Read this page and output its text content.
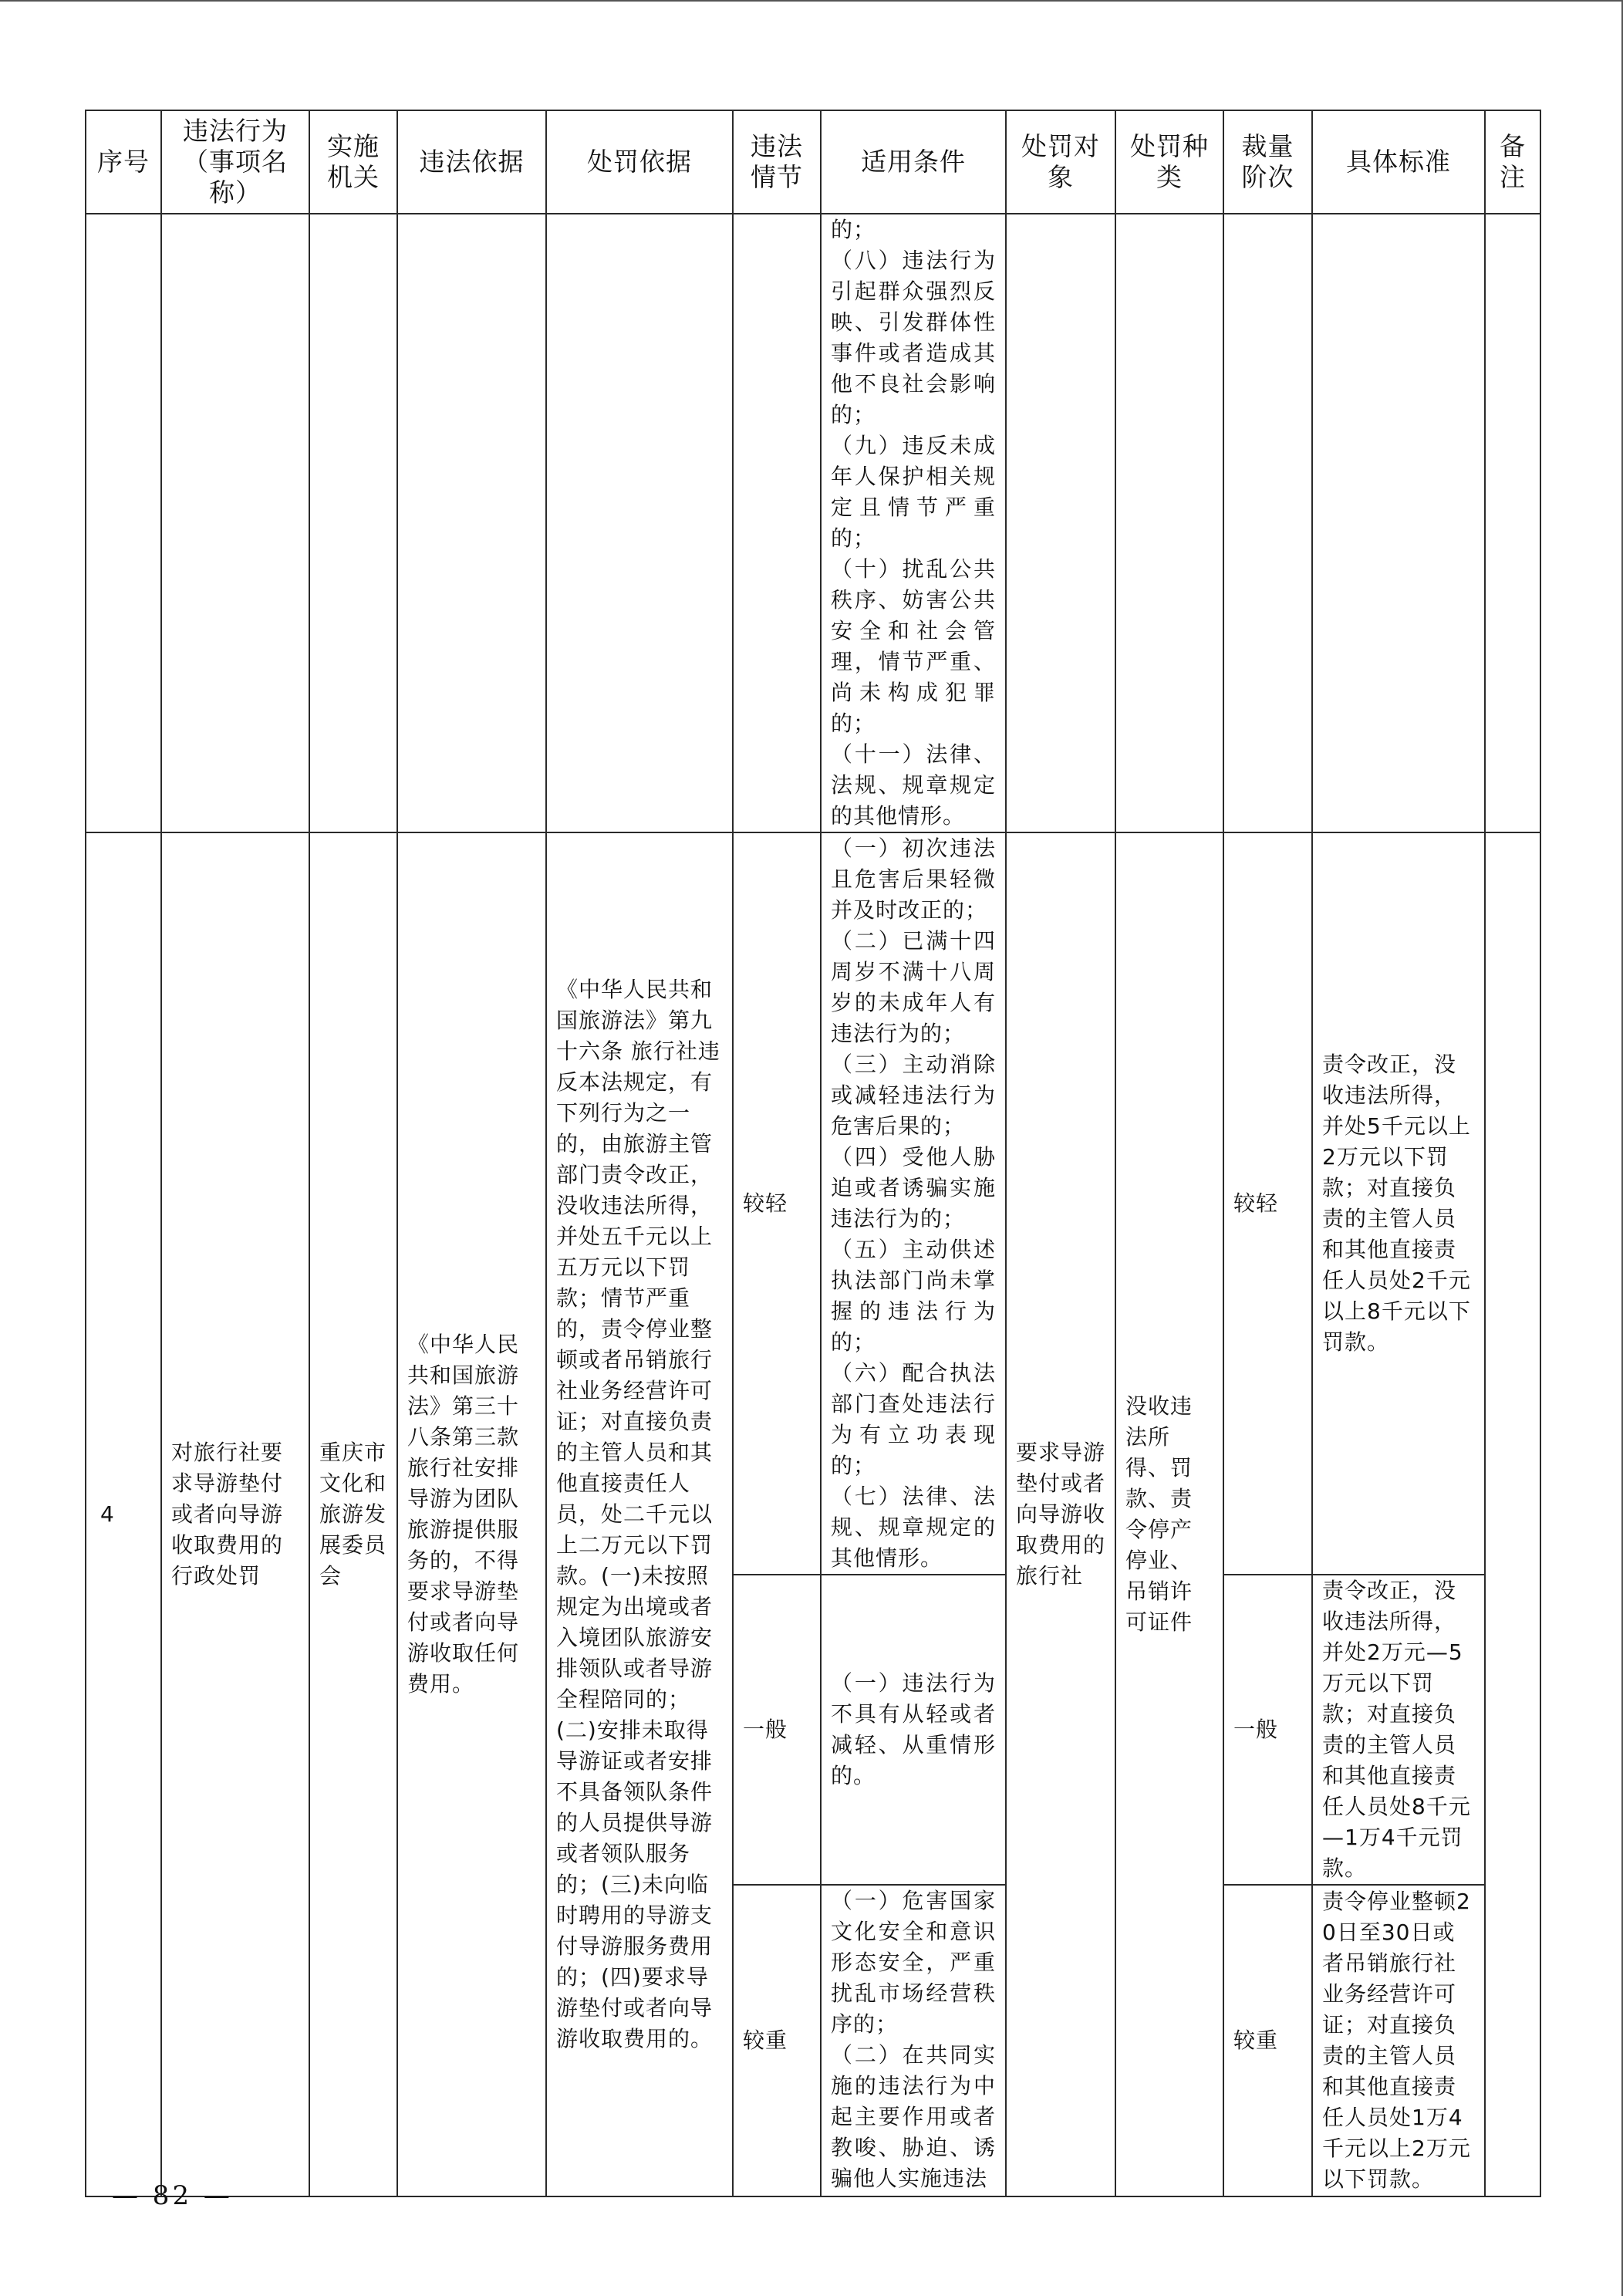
序号	违法行为（事项名称）	实施机关	违法依据	处罚依据	违法情节	适用条件	处罚对象	处罚种类	裁量阶次	具体标准	备注

						的；
（八）违法行为引起群众强烈反映、引发群体性事件或者造成其他不良社会影响的；
（九）违反未成年人保护相关规定且情节严重的；
（十）扰乱公共秩序、妨害公共安全和社会管理，情节严重、尚未构成犯罪的；
（十一）法律、法规、规章规定的其他情形。					

4	对旅行社要求导游垫付或者向导游收取费用的行政处罚	重庆市文化和旅游发展委员会	《中华人民共和国旅游法》第三十八条第三款 旅行社安排导游为团队旅游提供服务的，不得要求导游垫付或者向导游收取任何费用。	《中华人民共和国旅游法》第九十六条 旅行社违反本法规定，有下列行为之一的，由旅游主管部门责令改正，没收违法所得，并处五千元以上五万元以下罚款；情节严重的，责令停业整顿或者吊销旅行社业务经营许可证；对直接负责的主管人员和其他直接责任人员，处二千元以上二万元以下罚款。(一)未按照规定为出境或者入境团队旅游安排领队或者导游全程陪同的；(二)安排未取得导游证或者安排不具备领队条件的人员提供导游或者领队服务的；(三)未向临时聘用的导游支付导游服务费用的；(四)要求导游垫付或者向导游收取费用的。	较轻	
（一）初次违法且危害后果轻微并及时改正的；
（二）已满十四周岁不满十八周岁的未成年人有违法行为的；
（三）主动消除或减轻违法行为危害后果的；
（四）受他人胁迫或者诱骗实施违法行为的；
（五）主动供述执法部门尚未掌握的违法行为的；
（六）配合执法部门查处违法行为有立功表现的；
（七）法律、法规、规章规定的其他情形。
	要求导游垫付或者向导游收取费用的旅行社	没收违法所得、罚款、责令停产停业、吊销许可证件	较轻	责令改正，没收违法所得，并处5千元以上2万元以下罚款；对直接负责的主管人员和其他直接责任人员处2千元以上8千元以下罚款。	
					一般	（一）违法行为不具有从轻或者减轻、从重情形的。			一般	责令改正，没收违法所得，并处2万元—5万元以下罚款；对直接负责的主管人员和其他直接责任人员处8千元—1万4千元罚款。	
					较重	（一）危害国家文化安全和意识形态安全，严重扰乱市场经营秩序的；
（二）在共同实施的违法行为中起主要作用或者教唆、胁迫、诱骗他人实施违法			较重	责令停业整顿20日至30日或者吊销旅行社业务经营许可证；对直接负责的主管人员和其他直接责任人员处1万4千元以上2万元以下罚款。	
— 82 —
